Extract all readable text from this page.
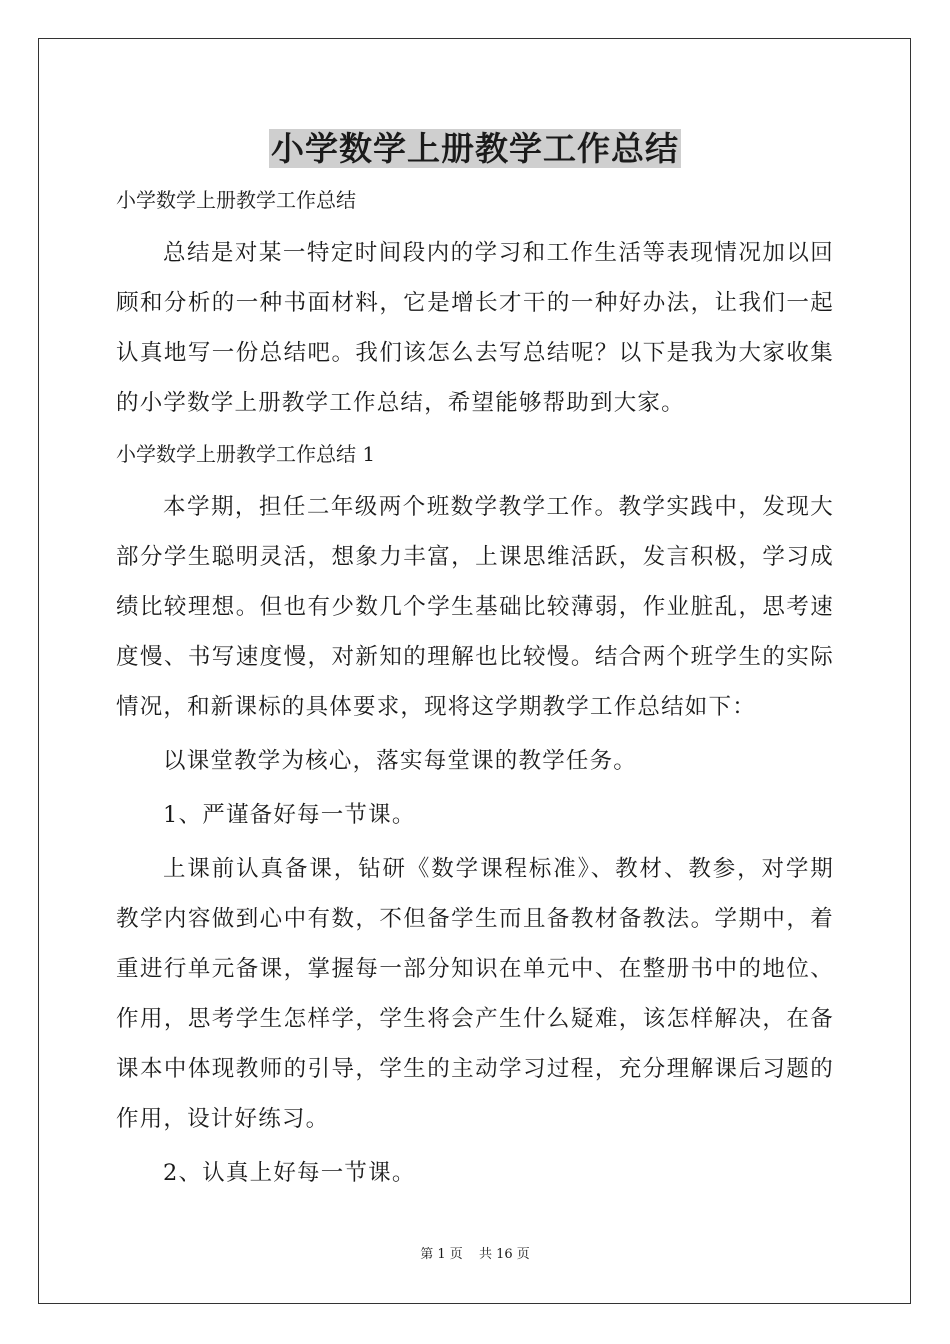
小学数学上册教学工作总结

小学数学上册教学工作总结

总结是对某一特定时间段内的学习和工作生活等表现情况加以回顾和分析的一种书面材料，它是增长才干的一种好办法，让我们一起认真地写一份总结吧。我们该怎么去写总结呢？以下是我为大家收集的小学数学上册教学工作总结，希望能够帮助到大家。

小学数学上册教学工作总结 1

本学期，担任二年级两个班数学教学工作。教学实践中，发现大部分学生聪明灵活，想象力丰富，上课思维活跃，发言积极，学习成绩比较理想。但也有少数几个学生基础比较薄弱，作业脏乱，思考速度慢、书写速度慢，对新知的理解也比较慢。结合两个班学生的实际情况，和新课标的具体要求，现将这学期教学工作总结如下：

以课堂教学为核心，落实每堂课的教学任务。

1、严谨备好每一节课。

上课前认真备课，钻研《数学课程标准》、教材、教参，对学期教学内容做到心中有数，不但备学生而且备教材备教法。学期中，着重进行单元备课，掌握每一部分知识在单元中、在整册书中的地位、作用，思考学生怎样学，学生将会产生什么疑难，该怎样解决，在备课本中体现教师的引导，学生的主动学习过程，充分理解课后习题的作用，设计好练习。

2、认真上好每一节课。

第 1 页 共 16 页
